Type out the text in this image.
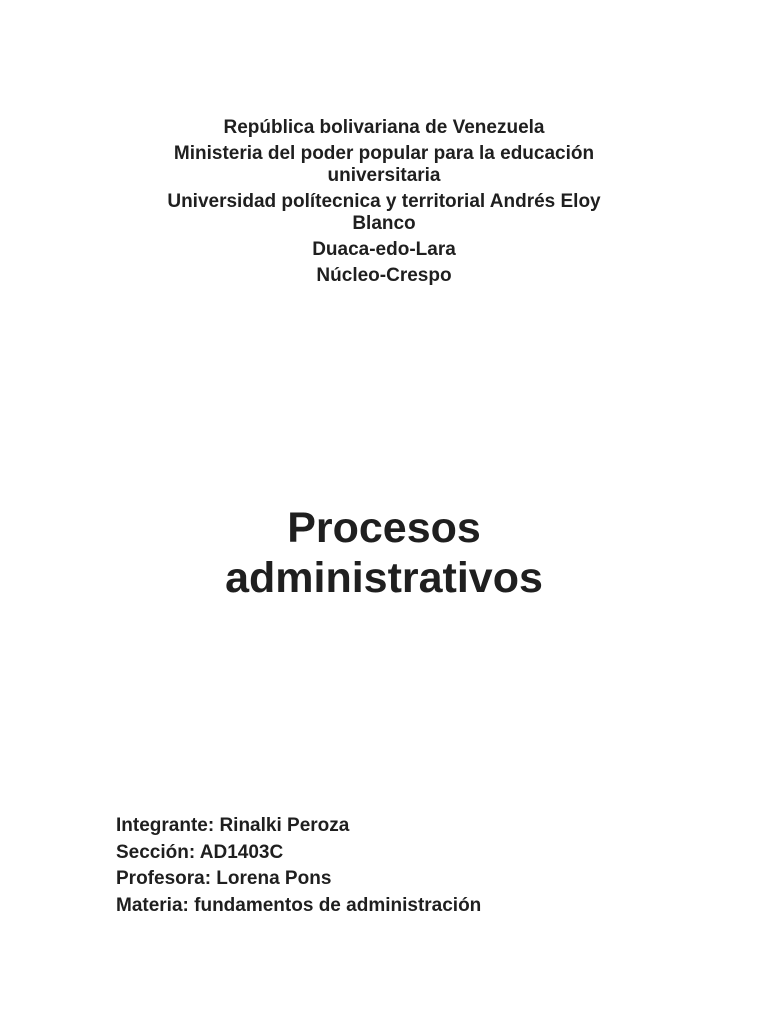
República bolivariana de Venezuela
Ministeria del poder popular para la educación universitaria
Universidad polítecnica y territorial Andrés Eloy Blanco
Duaca-edo-Lara
Núcleo-Crespo
Procesos
administrativos
Integrante: Rinalki Peroza
Sección: AD1403C
Profesora: Lorena Pons
Materia: fundamentos de administración
